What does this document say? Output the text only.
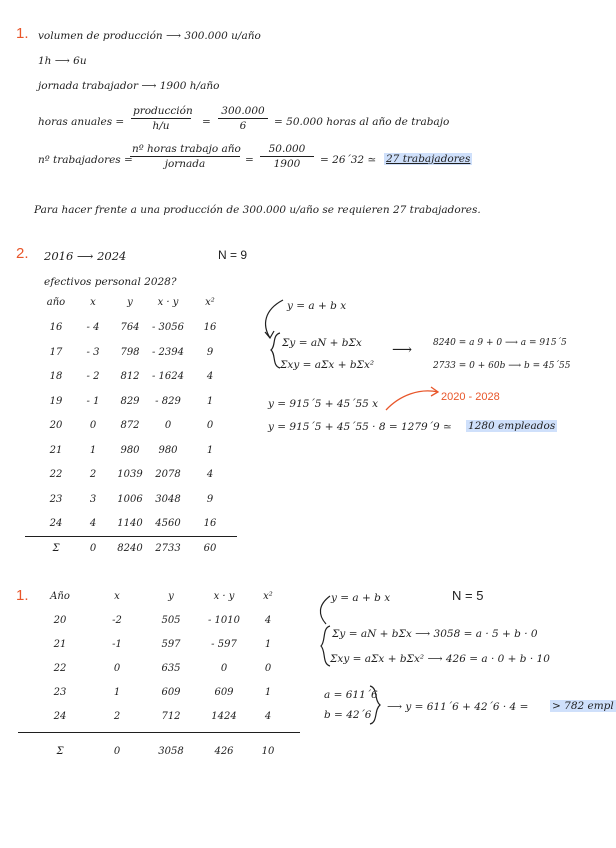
1. volumen de producción ⟶ 300.000 u/año
1h ⟶ 6u
jornada trabajador ⟶ 1900 h/año
horas anuales =
producción
h/u	= $\frac{300.000}{6} = 50.000$ horas al año de trabajo
nº trabajadores =
nº horas trabajo año
jornada	= $\frac{50.000}{1900}$ = 26´32 ≃ 27 trabajadores
Para hacer frente a una producción de 300.000 u/año se requieren 27 trabajadores.
2. 2016 ⟶ 2024	N = 9
efectivos personal 2028?
año	x	y	x · y	x²
16	- 4	764	- 3056	16
17	- 3	798	- 2394	9
18	- 2	812	- 1624	4
19	- 1	829	- 829	1
20	0	872	0	0
21	1	980	980	1
22	2	1039	2078	4
23	3	1006	3048	9
24	4	1140	4560	16
Σ	0	8240	2733	60
y = a + b x
Σy = aN + bΣx
Σxy = aΣx + bΣx²
⟶ 8240 = a 9 + 0 ⟶ a = 915´5
2733 = 0 + 60b ⟶ b = 45´55
2020 - 2028
y = 915´5 + 45´55 x
y = 915´5 + 45´55 · 8 = 1279´9 ≃ 1280 empleados
1.	Año	x	y	x · y	x²
20	-2	505	- 1010	4
21	-1	597	- 597	1
22	0	635	0	0
23	1	609	609	1
24	2	712	1424	4
Σ	0	3058	426	10
y = a + b x	N = 5
Σy = aN + bΣx ⟶ 3058 = a · 5 + b · 0
Σxy = aΣx + bΣx² ⟶ 426 = a · 0 + b · 10
a = 611´6
b = 42´6
⟶ y = 611´6 + 42´6 · 4 = > 782 empl
